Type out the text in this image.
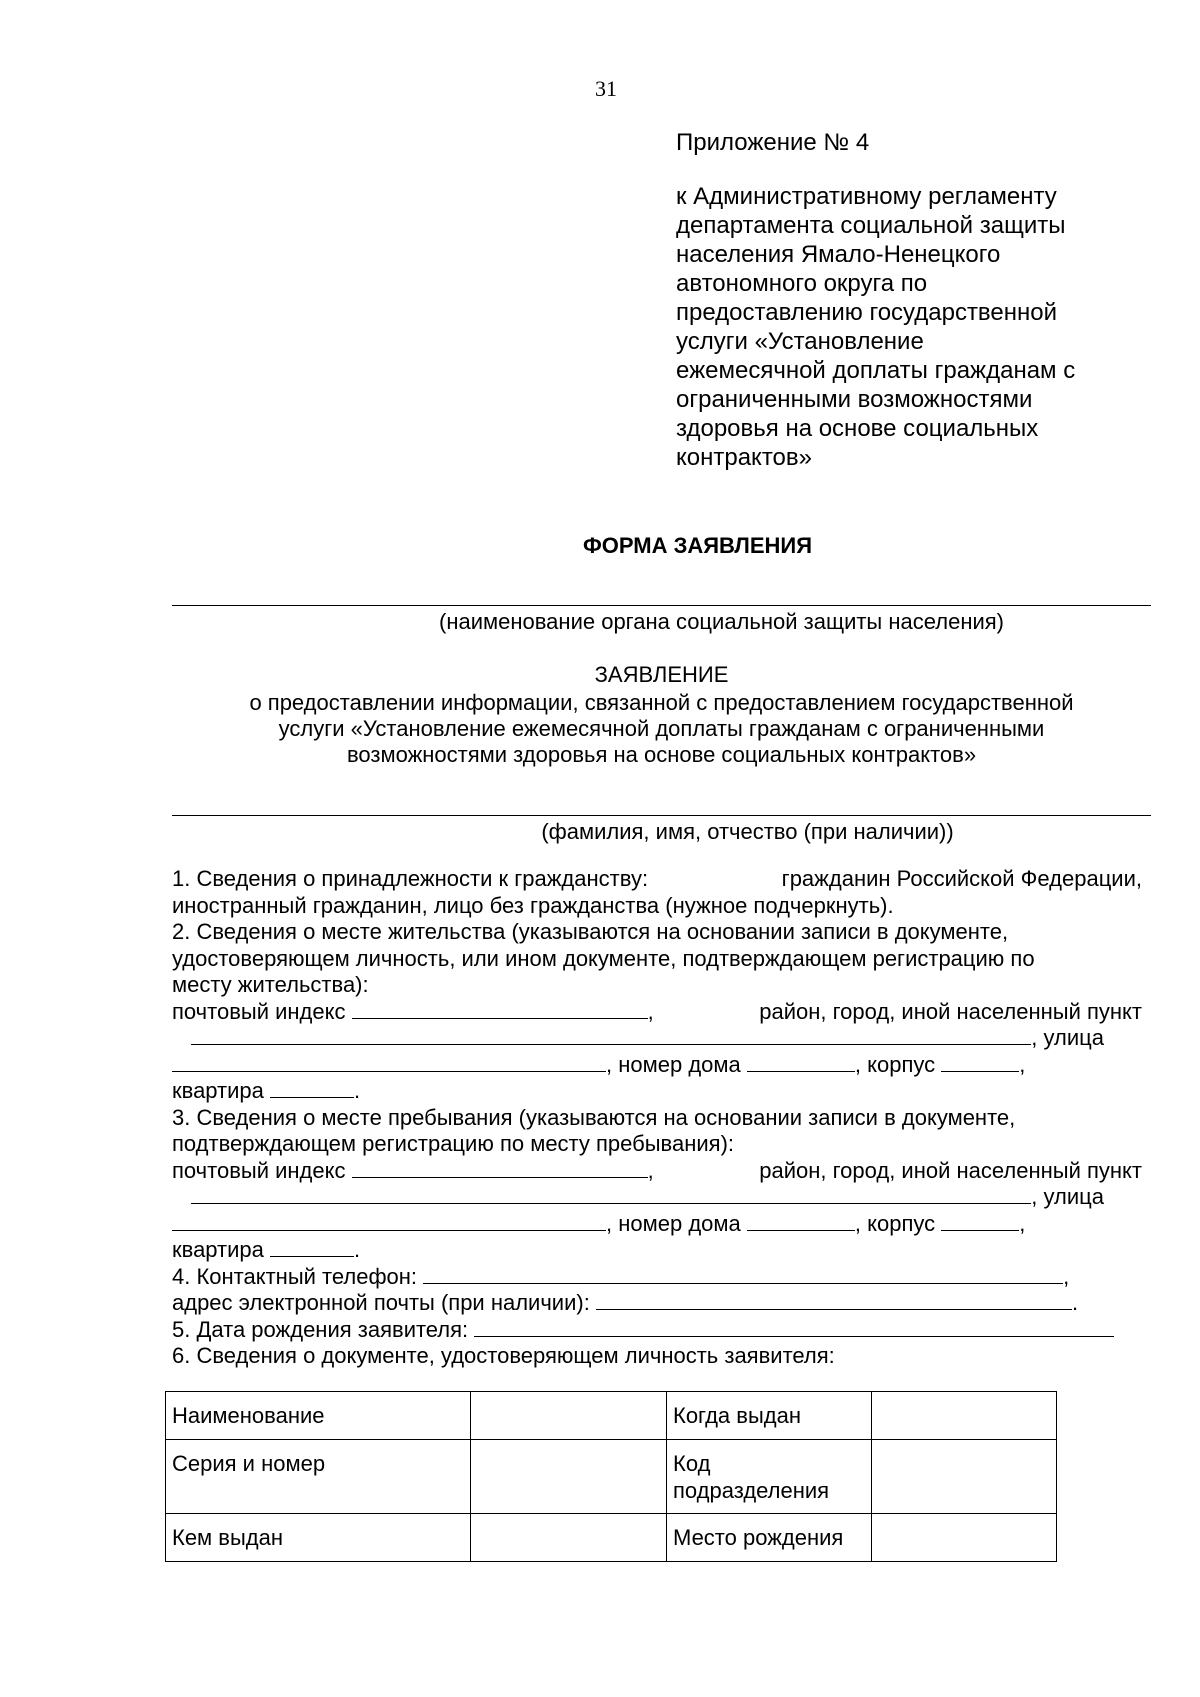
31
Приложение № 4
к Административному регламенту
департамента социальной защиты
населения Ямало-Ненецкого
автономного округа по
предоставлению государственной
услуги «Установление
ежемесячной доплаты гражданам с
ограниченными возможностями
здоровья на основе социальных
контрактов»
ФОРМА ЗАЯВЛЕНИЯ
(наименование органа социальной защиты населения)
ЗАЯВЛЕНИЕ
о предоставлении информации, связанной с предоставлением государственной
услуги «Установление ежемесячной доплаты гражданам с ограниченными
возможностями здоровья на основе социальных контрактов»
(фамилия, имя, отчество (при наличии))
1. Сведения о принадлежности к гражданству:	гражданин Российской Федерации,
иностранный гражданин, лицо без гражданства (нужное подчеркнуть).
2. Сведения о месте жительства (указываются на основании записи в документе,
удостоверяющем личность, или ином документе, подтверждающем регистрацию по
месту жительства):
почтовый индекс	,	район, город, иной населенный пункт
, улица
, номер дома	, корпус	,
квартира	.
3. Сведения о месте пребывания (указываются на основании записи в документе,
подтверждающем регистрацию по месту пребывания):
почтовый индекс	,	район, город, иной населенный пункт
, улица
, номер дома	, корпус	,
квартира	.
4. Контактный телефон:	,
адрес электронной почты (при наличии):	.
5. Дата рождения заявителя:
6. Сведения о документе, удостоверяющем личность заявителя:
Наименование		Когда выдан	
Серия и номер		Код подразделения	
Кем выдан		Место рождения	
